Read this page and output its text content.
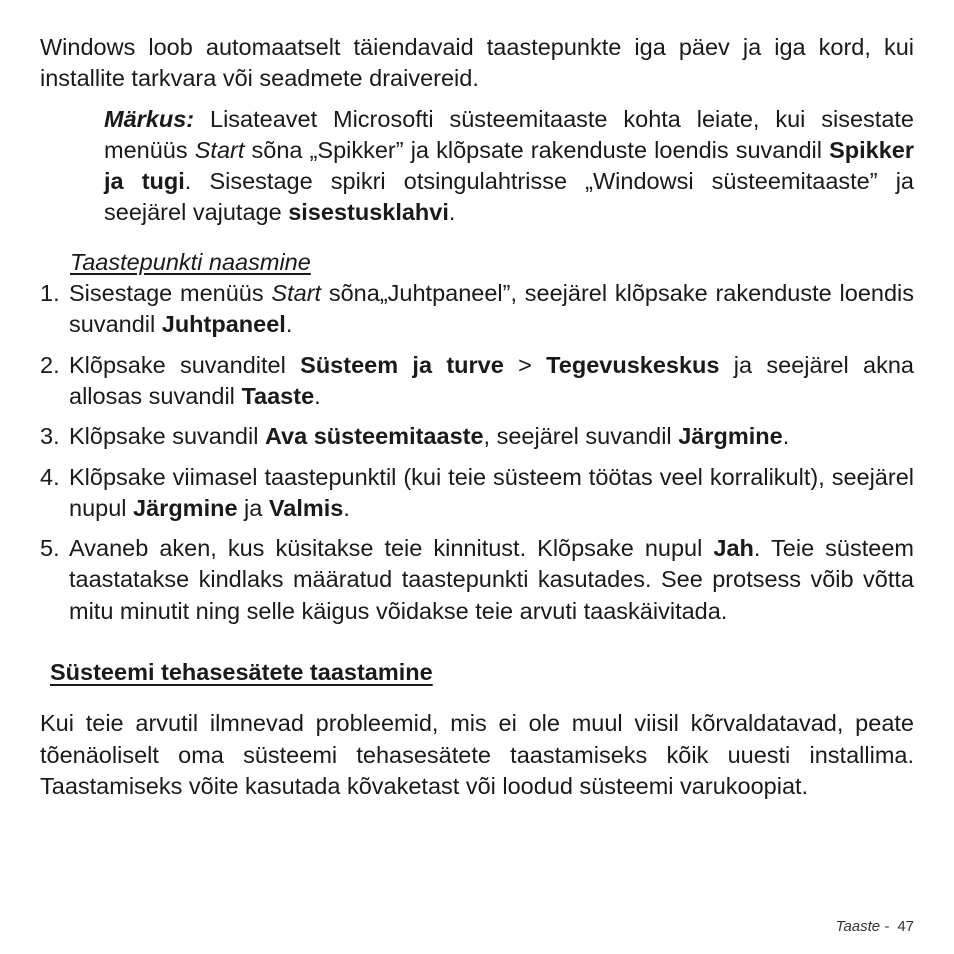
Windows loob automaatselt täiendavaid taastepunkte iga päev ja iga kord, kui installite tarkvara või seadmete draivereid.

Märkus: Lisateavet Microsofti süsteemitaaste kohta leiate, kui sisestate menüüs Start sõna „Spikker” ja klõpsate rakenduste loendis suvandil Spikker ja tugi. Sisestage spikri otsingulahtrisse „Windowsi süsteemitaaste” ja seejärel vajutage sisestusklahvi.

Taastepunkti naasmine

1. Sisestage menüüs Start sõna„Juhtpaneel”, seejärel klõpsake rakenduste loendis suvandil Juhtpaneel.
2. Klõpsake suvanditel Süsteem ja turve > Tegevuskeskus ja seejärel akna allosas suvandil Taaste.
3. Klõpsake suvandil Ava süsteemitaaste, seejärel suvandil Järgmine.
4. Klõpsake viimasel taastepunktil (kui teie süsteem töötas veel korralikult), seejärel nupul Järgmine ja Valmis.
5. Avaneb aken, kus küsitakse teie kinnitust. Klõpsake nupul Jah. Teie süsteem taastatakse kindlaks määratud taastepunkti kasutades. See protsess võib võtta mitu minutit ning selle käigus võidakse teie arvuti taaskäivitada.
Süsteemi tehasesätete taastamine

Kui teie arvutil ilmnevad probleemid, mis ei ole muul viisil kõrvaldatavad, peate tõenäoliselt oma süsteemi tehasesätete taastamiseks kõik uuesti installima. Taastamiseks võite kasutada kõvaketast või loodud süsteemi varukoopiat.

Taaste - 47
